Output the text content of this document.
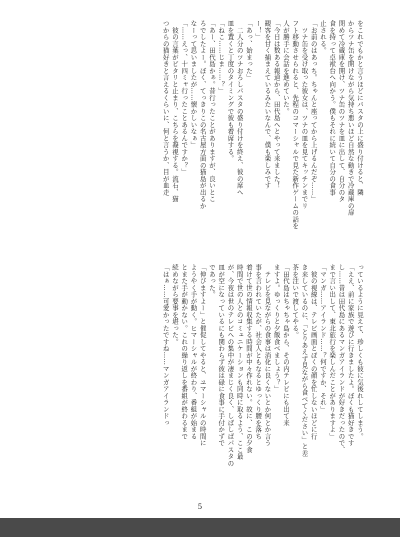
をこれでもかと言うほどにパスタの上に盛り付けると、隣

からツナ缶を開けながら気持ち悪いほど自然な動きで冷蔵庫の扉

閉めて冷蔵庫を開け、ツナ缶のツナを皿に出して、自分のタ

食を持って卓袱台へ向かう。僕もそれに続いて自分の食事

止される。

「お前のはあっち。ちゃんと座ってから上げるんだぞ……」

　ツナ缶を受け取った彼女は、ツナの皿を見てキッチンまでリ

フト移動させられると、先程のコマーシャルで見た新作ゲームの話を

人が勝手に会話を進めていた。

「今日は数ある報道から、田代島へとやって来ました！

観客を甘く捕まえているみたいなんで、僕も楽しみです

ー！」

「あっ、始まった」

　二人分のツナおろしパスタの盛り付けを終え、彼の席へ

皿を置くと丁度のタイミングで彼も着席する。

「ねこ……じま……？」

「あー、田代島かぁ。昔行ったことがありますが、良いとこ

ろでしたよー。ぼく、てっきりこの名古屋方面の猫島が出るか

なーって思いましたが……懐かしいなぁ」

「……えっ、十四ミャ行ったことあるんですか？」

　彼の言葉がピタリと止まり、こちらを凝視する。流石、猫

つからの猫好きと言えるくらいに、何と言うか、目が血走

っているように見えて、珍しくも彼に気後れしてしまう。

「ええ、前に家族で遊びに行きましたよ。ぼくも猫好きです

し……昔は田代島にあるマンガアイランドが好きだったので、

まで言い出して、東北旅行を楽しんだことがありますよ」

「マンガ……アイランド……？何ですか、それ」

　彼の視線は、テレビ画面とぼくの顔を忙しないほどに行

き来しているのに、「とりあえず見ながら食べてください」と差

茶を注いで渡してやる。

「田代島はちゃちゃ島から、その内テレビにも出て来

ますよ。ゆっくりと夕飯食べましょう？」

　テレビを見ながらの食事は消化に良くないとか何とか言う

事を言われていたが、社会人ともなるとゆっくり腰を落ち

着けて世の情報収集する時間が中々作れない。故に、この夕食

時間で世の人とのコミュニケーションも同時に取るよう、ここ最

が、今夜は世のテレビへの集中が凄まじく良く、しばしばパスタの

皿が空になっているにも関わらず彼は碌に食事に手付かずで

であった。

「伸びますよー」と催促してやると、ユマーシャルの時間に

ようやく手が動く。ヒマーシャルが終わり、番組が始まる

とまた手が動かない。これの繰り返しを番組が終わるまで

続めながら要事を堪った。

「はぁ……可愛かったですね……マンガアイランドっ

5
